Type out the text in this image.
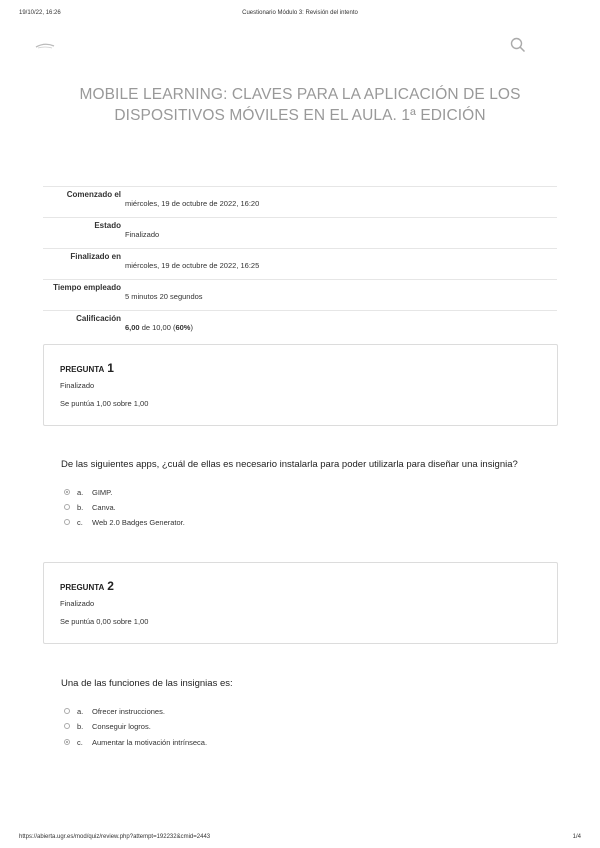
19/10/22, 16:26	Cuestionario Módulo 3: Revisión del intento
MOBILE LEARNING: CLAVES PARA LA APLICACIÓN DE LOS DISPOSITIVOS MÓVILES EN EL AULA. 1ª EDICIÓN
Comenzado el
miércoles, 19 de octubre de 2022, 16:20
Estado
Finalizado
Finalizado en
miércoles, 19 de octubre de 2022, 16:25
Tiempo empleado
5 minutos 20 segundos
Calificación
6,00 de 10,00 (60%)
PREGUNTA 1
Finalizado
Se puntúa 1,00 sobre 1,00
De las siguientes apps, ¿cuál de ellas es necesario instalarla para poder utilizarla para diseñar una insignia?
a.	GIMP.
b.	Canva.
c.	Web 2.0 Badges Generator.
PREGUNTA 2
Finalizado
Se puntúa 0,00 sobre 1,00
Una de las funciones de las insignias es:
a.	Ofrecer instrucciones.
b.	Conseguir logros.
c.	Aumentar la motivación intrínseca.
https://abierta.ugr.es/mod/quiz/review.php?attempt=192232&cmid=2443	1/4
